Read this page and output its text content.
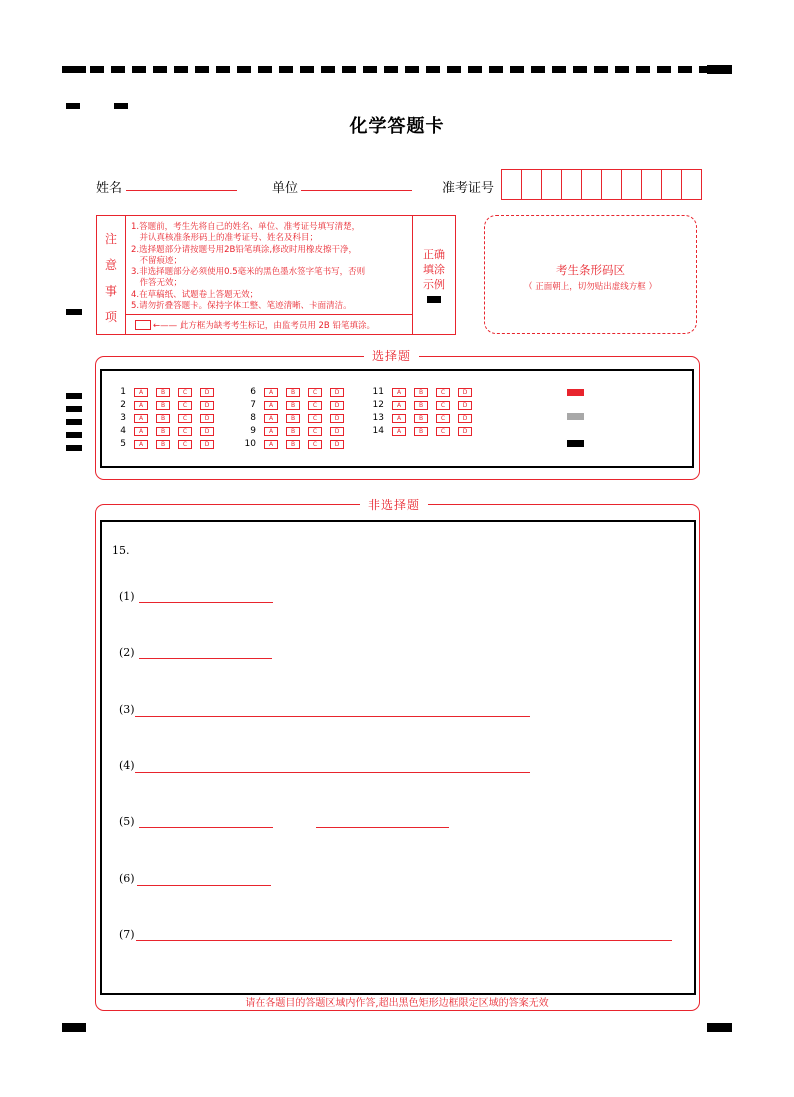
化学答题卡
姓名	单位	准考证号
注
意
事
项
1.答题前，考生先将自己的姓名、单位、准考证号填写清楚，
　并认真核准条形码上的准考证号、姓名及科目；
2.选择题部分请按题号用2B铅笔填涂,修改时用橡皮擦干净，
　不留痕迹；
3.非选择题部分必须使用0.5毫米的黑色墨水签字笔书写，否则
　作答无效；
4.在草稿纸、试题卷上答题无效；
5.请勿折叠答题卡。保持字体工整、笔迹清晰、卡面清洁。
←—— 此方框为缺考考生标记，由监考员用 2B 铅笔填涂。
正确
填涂
示例
考生条形码区
（ 正面朝上，切勿贴出虚线方框 ）
选择题
1	A	B	C	D
2	A	B	C	D
3	A	B	C	D
4	A	B	C	D
5	A	B	C	D
6	A	B	C	D
7	A	B	C	D
8	A	B	C	D
9	A	B	C	D
10	A	B	C	D
11	A	B	C	D
12	A	B	C	D
13	A	B	C	D
14	A	B	C	D
非选择题
15.
(1)
(2)
(3)
(4)
(5)
(6)
(7)
请在各题目的答题区域内作答,超出黑色矩形边框限定区域的答案无效
